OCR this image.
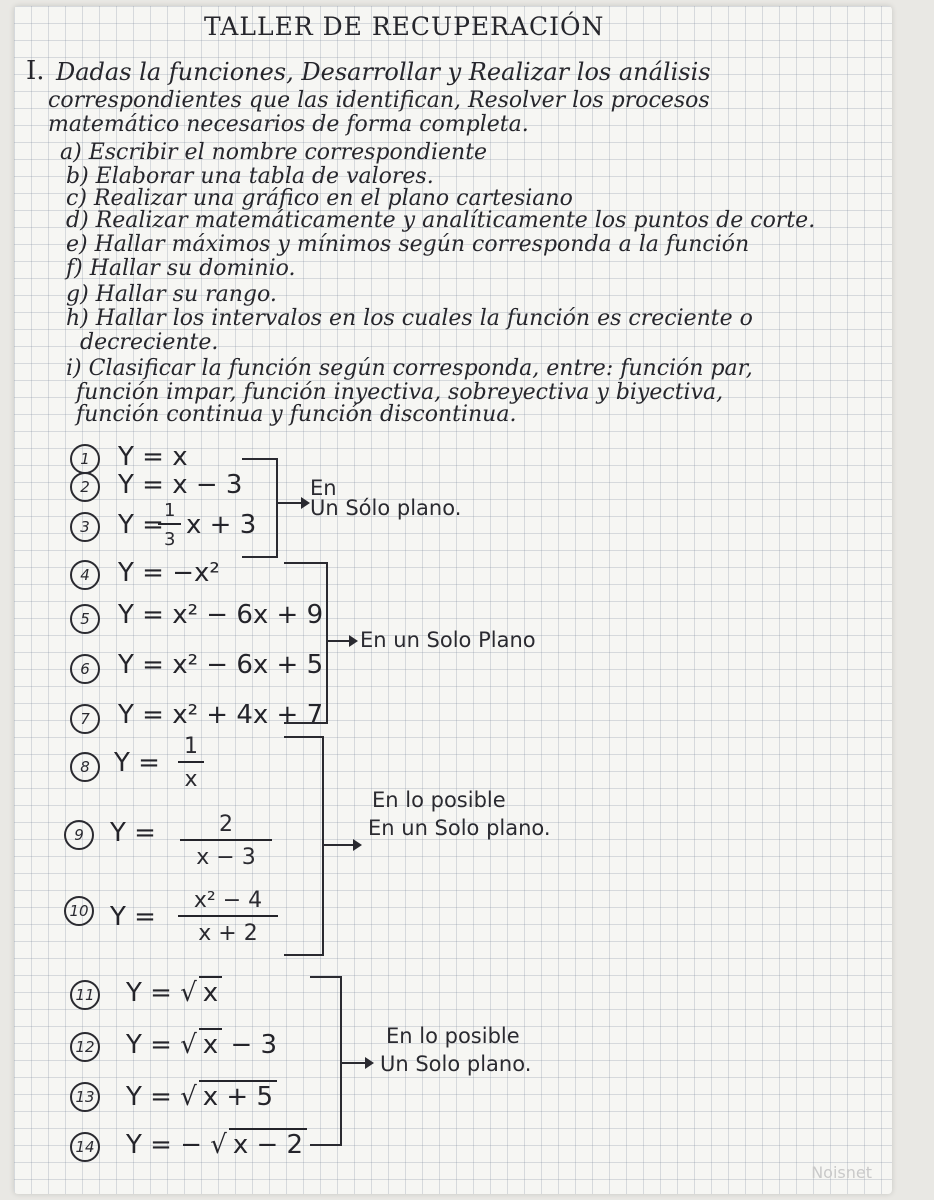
TALLER DE RECUPERACIÓN
I. Dadas la funciones, Desarrollar y Realizar los análisis
correspondientes que las identifican, Resolver los procesos
matemático necesarios de forma completa.
a) Escribir el nombre correspondiente
b) Elaborar una tabla de valores.
c) Realizar una gráfico en el plano cartesiano
d) Realizar matemáticamente y analíticamente los puntos de corte.
e) Hallar máximos y mínimos según corresponda a la función
f) Hallar su dominio.
g) Hallar su rango.
h) Hallar los intervalos en los cuales la función es creciente o
decreciente.
i) Clasificar la función según corresponda, entre: función par,
función impar, función inyectiva, sobreyectiva y biyectiva,
función continua y función discontinua.
1	Y = x
2	Y = x − 3
3	Y =
$\frac{1}{3}$ x + 3
En
Un Sólo plano.
4	Y = −x²
5	Y = x² − 6x + 9
6	Y = x² − 6x + 5
7	Y = x² + 4x + 7
En un Solo Plano
8 $Y = \frac{1}{x}$
9	$Y = \frac{2}{x - 3}$
10 $Y = \frac{\text{x² − 4}}{x + 2}$
En lo posible
En un Solo plano.
11 Y = √ x
12 Y = √ x − 3
13 Y = √ x + 5
14 Y = − √ x − 2
En lo posible
Un Solo plano.
Noisnet
